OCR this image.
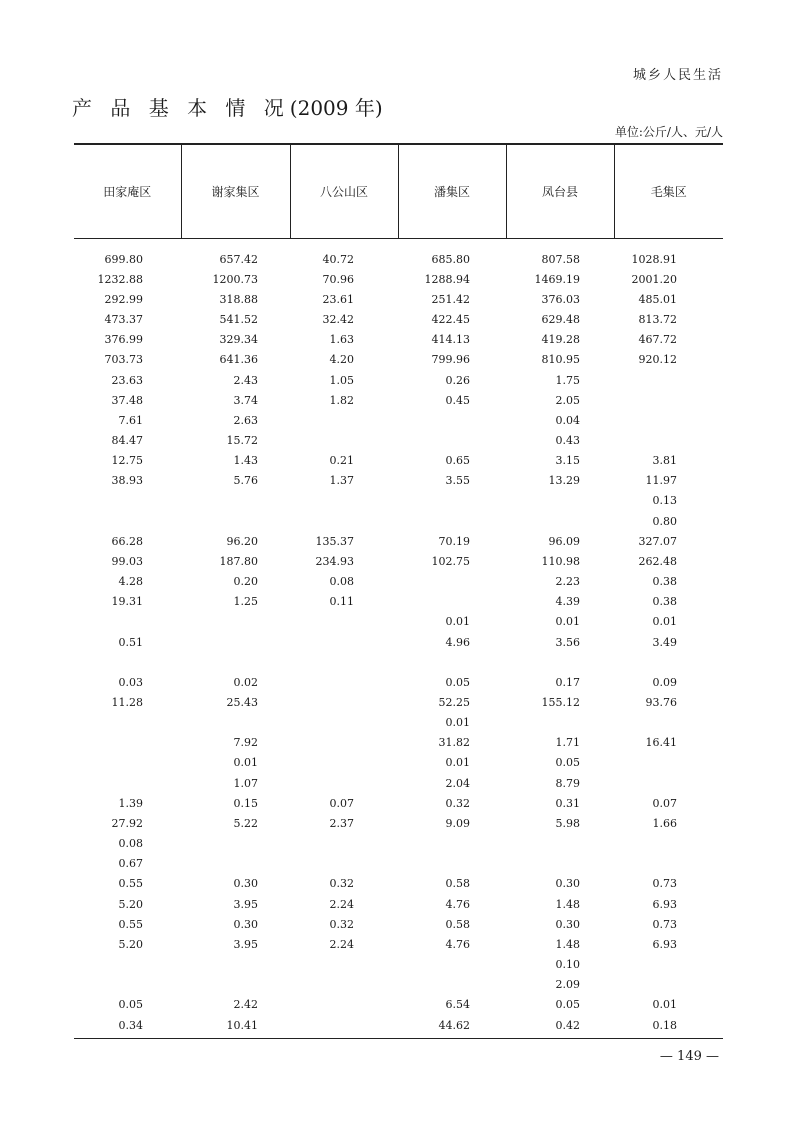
城乡人民生活
产 品 基 本 情 况(2009 年)
单位:公斤/人、元/人
田家庵区	谢家集区	八公山区	潘集区	凤台县	毛集区
699.80	657.42	40.72	685.80	807.58	1028.91
1232.88	1200.73	70.96	1288.94	1469.19	2001.20
292.99	318.88	23.61	251.42	376.03	485.01
473.37	541.52	32.42	422.45	629.48	813.72
376.99	329.34	1.63	414.13	419.28	467.72
703.73	641.36	4.20	799.96	810.95	920.12
23.63	2.43	1.05	0.26	1.75	
37.48	3.74	1.82	0.45	2.05	
7.61	2.63			0.04	
84.47	15.72			0.43	
12.75	1.43	0.21	0.65	3.15	3.81
38.93	5.76	1.37	3.55	13.29	11.97
					0.13
					0.80
66.28	96.20	135.37	70.19	96.09	327.07
99.03	187.80	234.93	102.75	110.98	262.48
4.28	0.20	0.08		2.23	0.38
19.31	1.25	0.11		4.39	0.38
			0.01	0.01	0.01
0.51			4.96	3.56	3.49

0.03	0.02		0.05	0.17	0.09
11.28	25.43		52.25	155.12	93.76
			0.01		
	7.92		31.82	1.71	16.41
	0.01		0.01	0.05	
	1.07		2.04	8.79	
1.39	0.15	0.07	0.32	0.31	0.07
27.92	5.22	2.37	9.09	5.98	1.66
0.08					
0.67					
0.55	0.30	0.32	0.58	0.30	0.73
5.20	3.95	2.24	4.76	1.48	6.93
0.55	0.30	0.32	0.58	0.30	0.73
5.20	3.95	2.24	4.76	1.48	6.93
				0.10	
				2.09	
0.05	2.42		6.54	0.05	0.01
0.34	10.41		44.62	0.42	0.18
— 149 —
